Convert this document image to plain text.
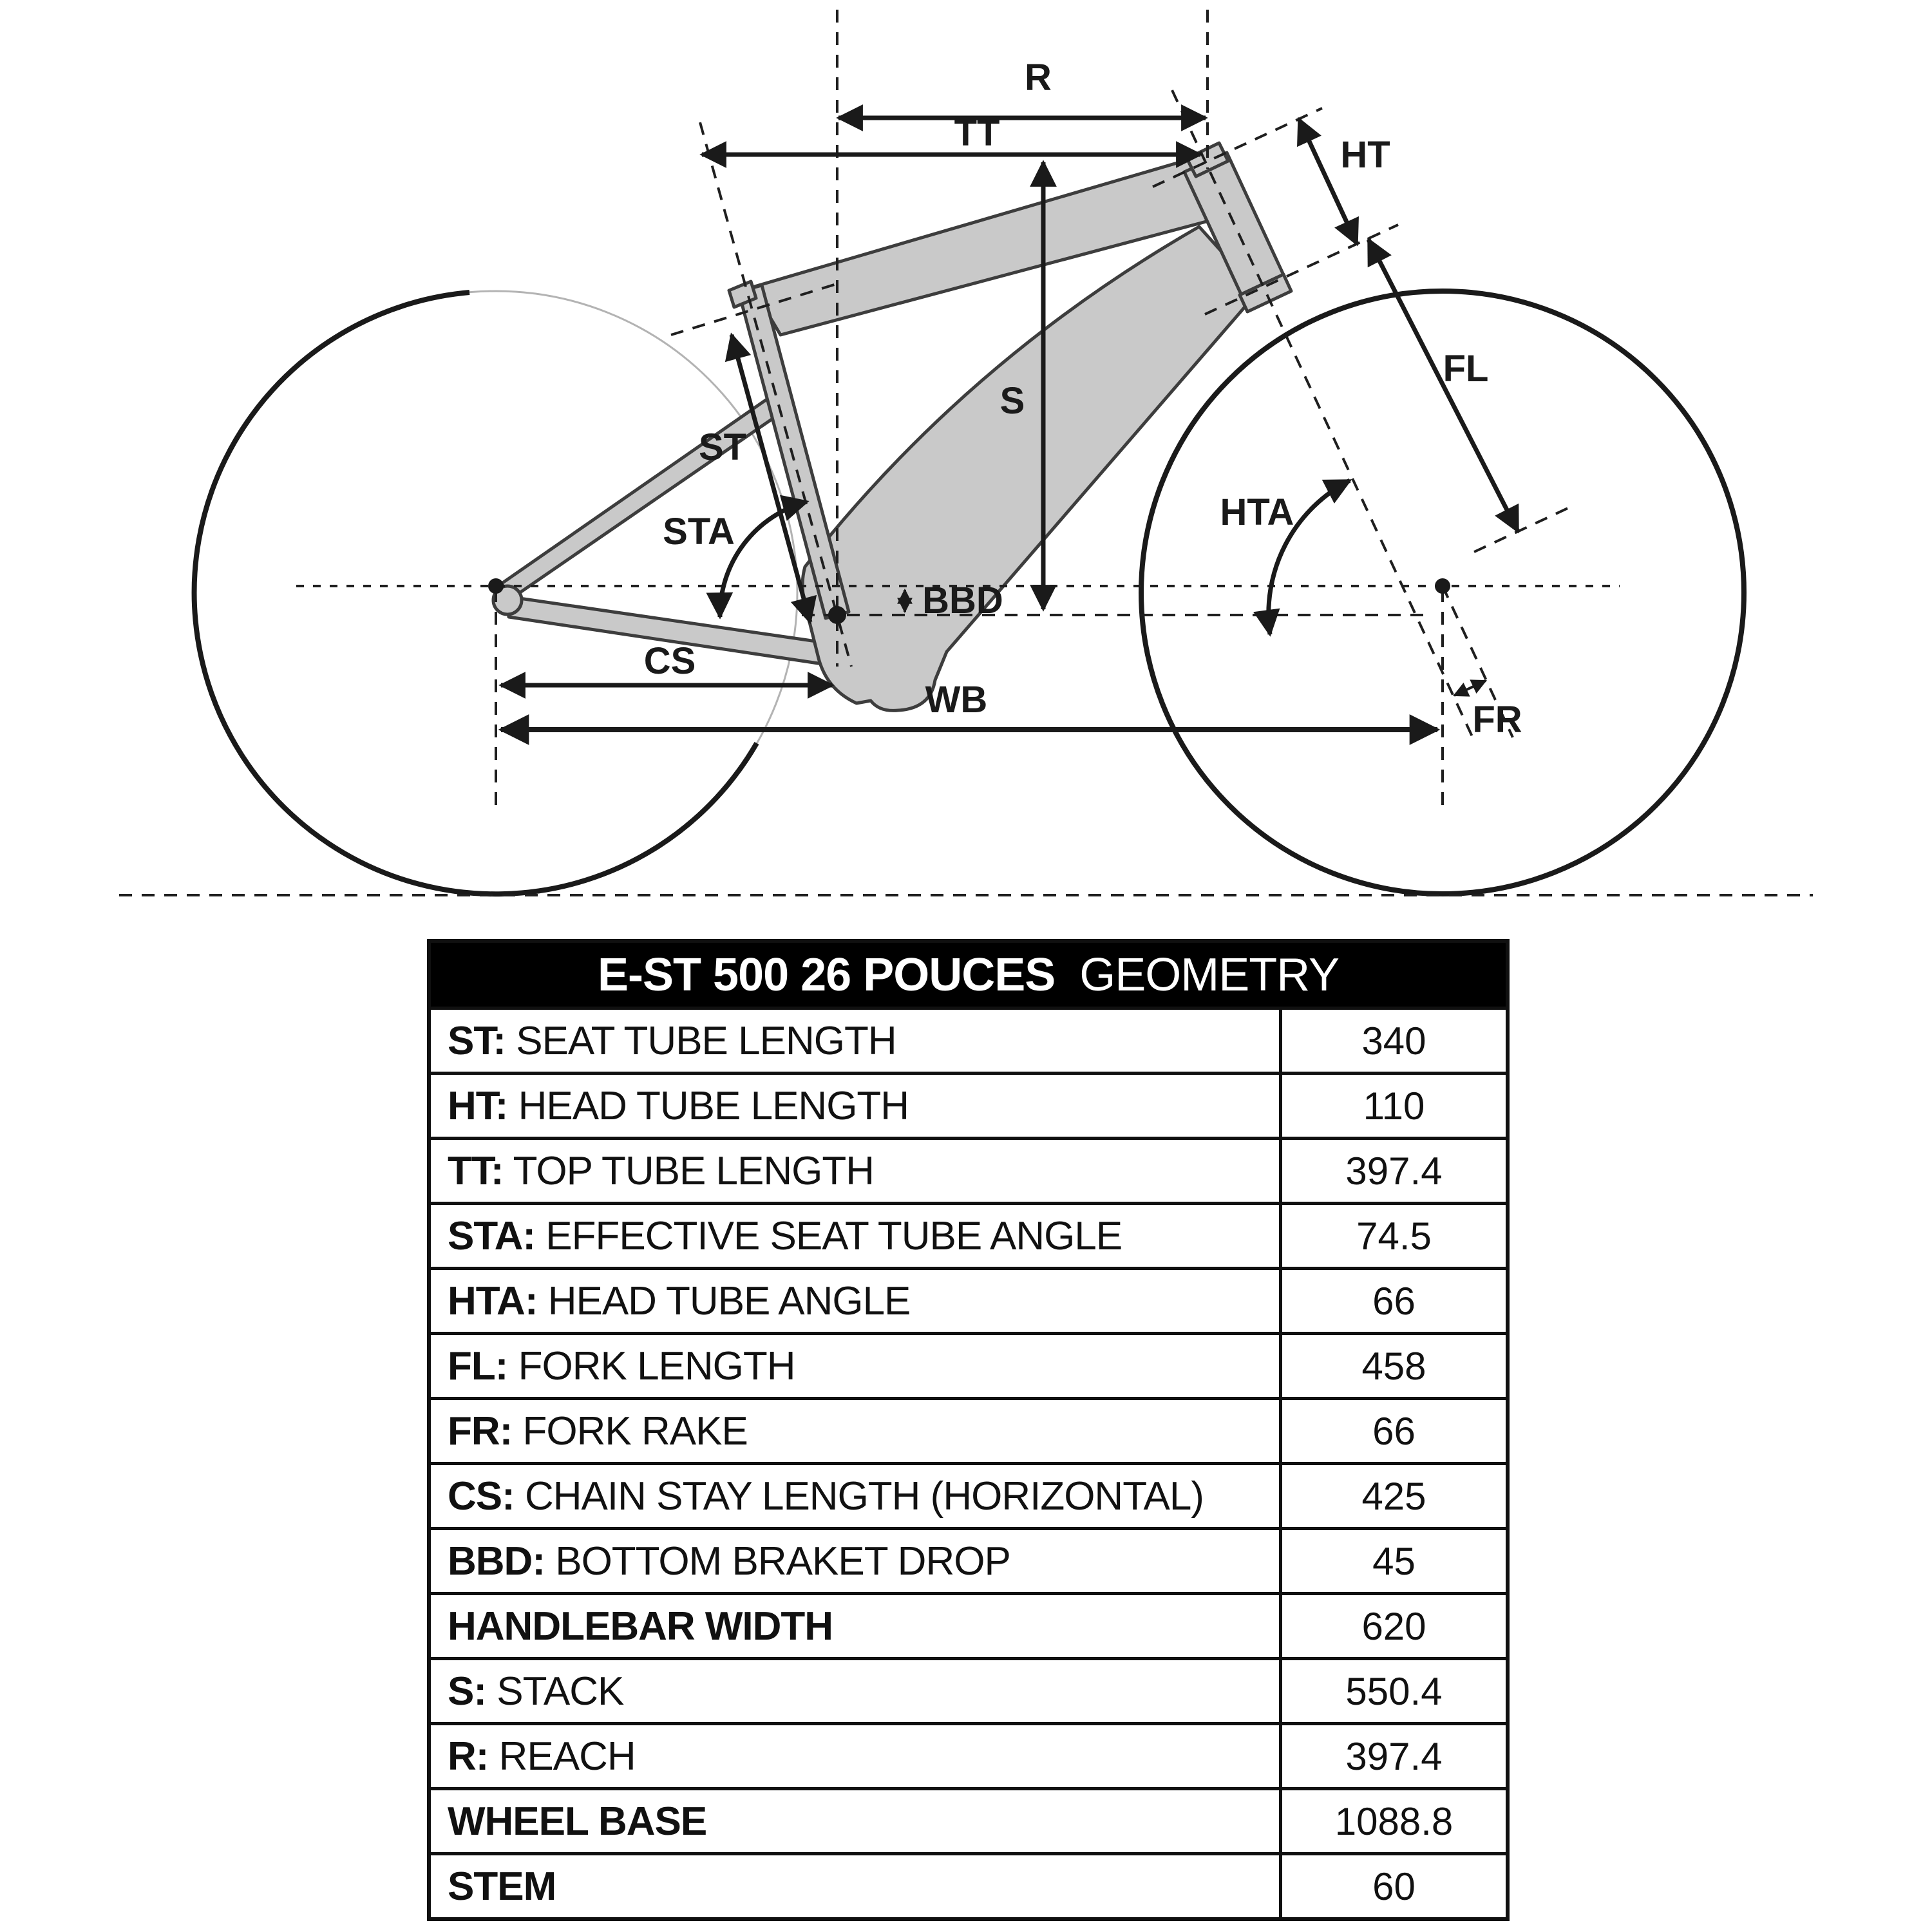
R
TT
HT
FL
S
ST
STA	HTA
BBD
CS
WB	FR
E-ST 500 26 POUCES GEOMETRY
ST: SEAT TUBE LENGTH	340
HT: HEAD TUBE LENGTH	110
TT: TOP TUBE LENGTH	397.4
STA: EFFECTIVE SEAT TUBE ANGLE	74.5
HTA: HEAD TUBE ANGLE	66
FL: FORK LENGTH	458
FR: FORK RAKE	66
CS: CHAIN STAY LENGTH (HORIZONTAL)	425
BBD: BOTTOM BRAKET DROP	45
HANDLEBAR WIDTH	620
S: STACK	550.4
R: REACH	397.4
WHEEL BASE	1088.8
STEM	60
